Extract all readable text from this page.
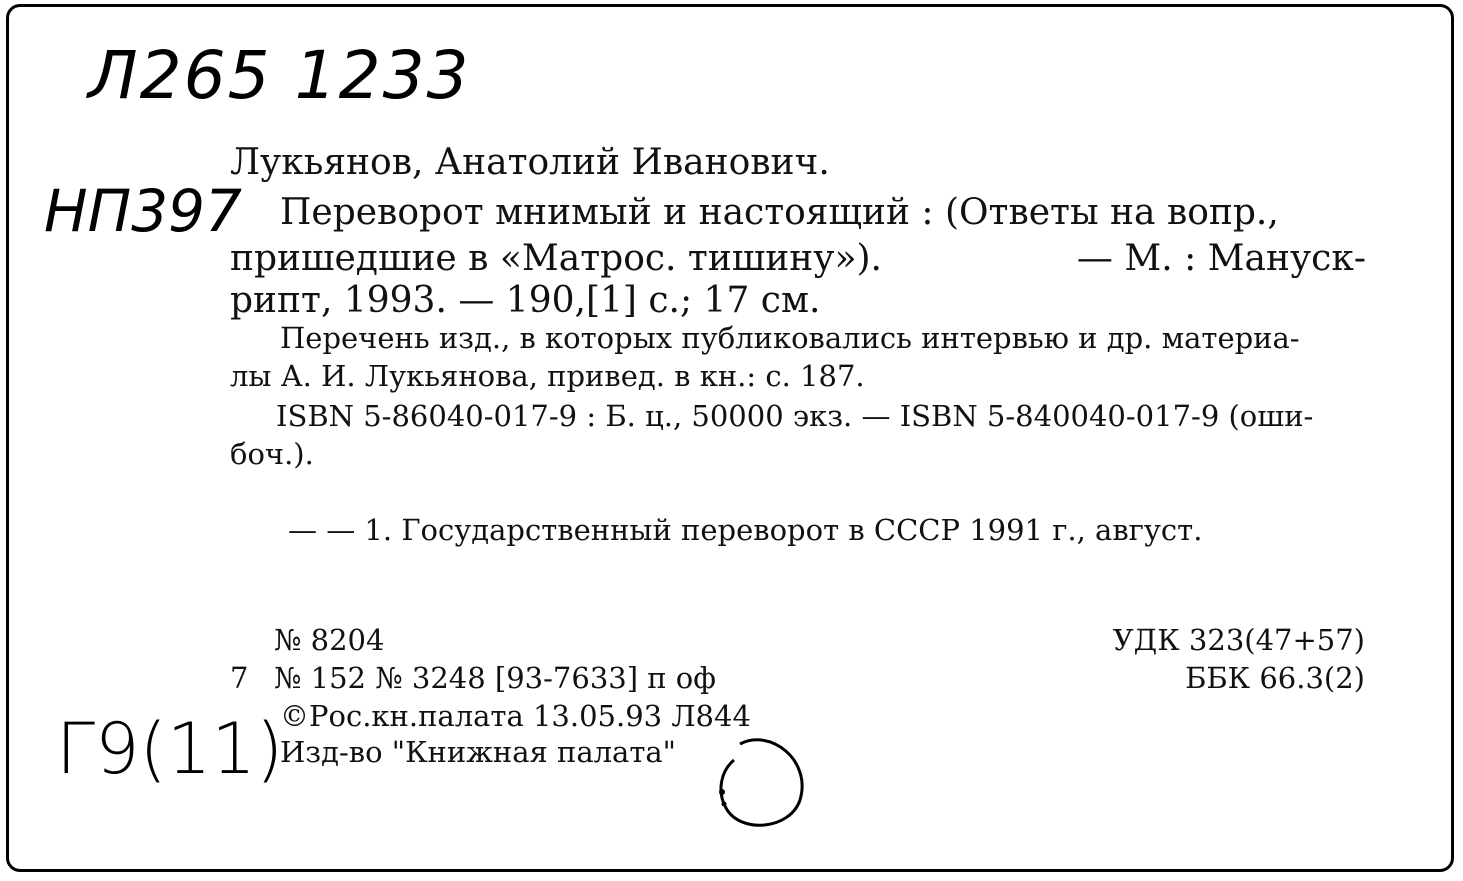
Л265 1233
НП397
Г9(11)
Лукьянов, Анатолий Иванович.
Переворот мнимый и настоящий : (Ответы на вопр.,
пришедшие в «Матрос. тишину»).	— М. : Мануск-
рипт, 1993. — 190,[1] с.; 17 см.
Перечень изд., в которых публиковались интервью и др. материа-
лы А. И. Лукьянова, привед. в кн.: с. 187.
ISBN 5-86040-017-9 : Б. ц., 50000 экз. — ISBN 5-840040-017-9 (оши-
боч.).
— — 1. Государственный переворот в СССР 1991 г., август.
№ 8204
7 № 152 № 3248 [93-7633] п оф
©Рос.кн.палата 13.05.93 Л844
Изд-во "Книжная палата"
УДК 323(47+57)
ББК 66.3(2)
